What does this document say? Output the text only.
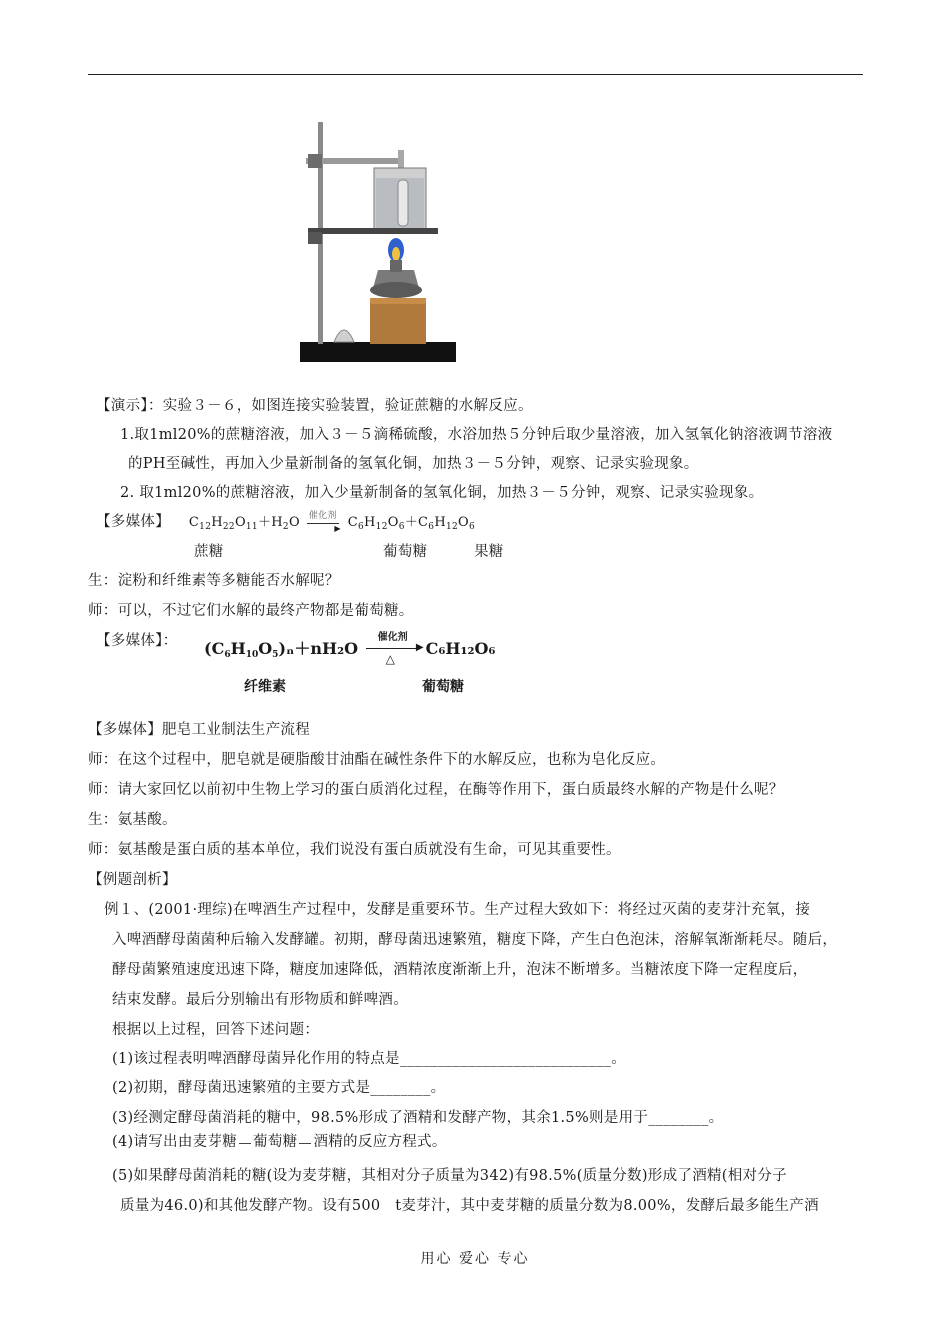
【演示】：实验３－６，如图连接实验装置，验证蔗糖的水解反应。
1.取1ml20%的蔗糖溶液，加入３－５滴稀硫酸，水浴加热５分钟后取少量溶液，加入氢氧化钠溶液调节溶液
的PH至碱性，再加入少量新制备的氢氧化铜，加热３－５分钟，观察、记录实验现象。
2. 取1ml20%的蔗糖溶液，加入少量新制备的氢氧化铜，加热３－５分钟，观察、记录实验现象。
【多媒体】 $C_{12}H_{22}O_{11}+H_2O$ 催化剂
▶ $C_6H_{12}O_6+C_6H_{12}O_6$
蔗糖	葡萄糖	果糖
生：淀粉和纤维素等多糖能否水解呢？
师：可以，不过它们水解的最终产物都是葡萄糖。
【多媒体】： $(C_6H_{10}O_5)_n+nH_2O$
催化剂
▶
△
C₆H₁₂O₆
纤维素	葡萄糖
【多媒体】肥皂工业制法生产流程
师：在这个过程中，肥皂就是硬脂酸甘油酯在碱性条件下的水解反应，也称为皂化反应。
师：请大家回忆以前初中生物上学习的蛋白质消化过程，在酶等作用下，蛋白质最终水解的产物是什么呢？
生：氨基酸。
师：氨基酸是蛋白质的基本单位，我们说没有蛋白质就没有生命，可见其重要性。
【例题剖析】
例１、(2001·理综)在啤酒生产过程中，发酵是重要环节。生产过程大致如下：将经过灭菌的麦芽汁充氧，接
入啤酒酵母菌菌种后输入发酵罐。初期，酵母菌迅速繁殖，糖度下降，产生白色泡沫，溶解氧渐渐耗尽。随后，
酵母菌繁殖速度迅速下降，糖度加速降低，酒精浓度渐渐上升，泡沫不断增多。当糖浓度下降一定程度后，
结束发酵。最后分别输出有形物质和鲜啤酒。
根据以上过程，回答下述问题：
(1)该过程表明啤酒酵母菌异化作用的特点是____________________________。
(2)初期，酵母菌迅速繁殖的主要方式是________。
(3)经测定酵母菌消耗的糖中，98.5%形成了酒精和发酵产物，其余1.5%则是用于________。
(4)请写出由麦芽糖 葡萄糖 酒精的反应方程式。
(5)如果酵母菌消耗的糖(设为麦芽糖，其相对分子质量为342)有98.5%(质量分数)形成了酒精(相对分子
质量为46.0)和其他发酵产物。设有500　t麦芽汁，其中麦芽糖的质量分数为8.00%，发酵后最多能生产酒
用心 爱心 专心
